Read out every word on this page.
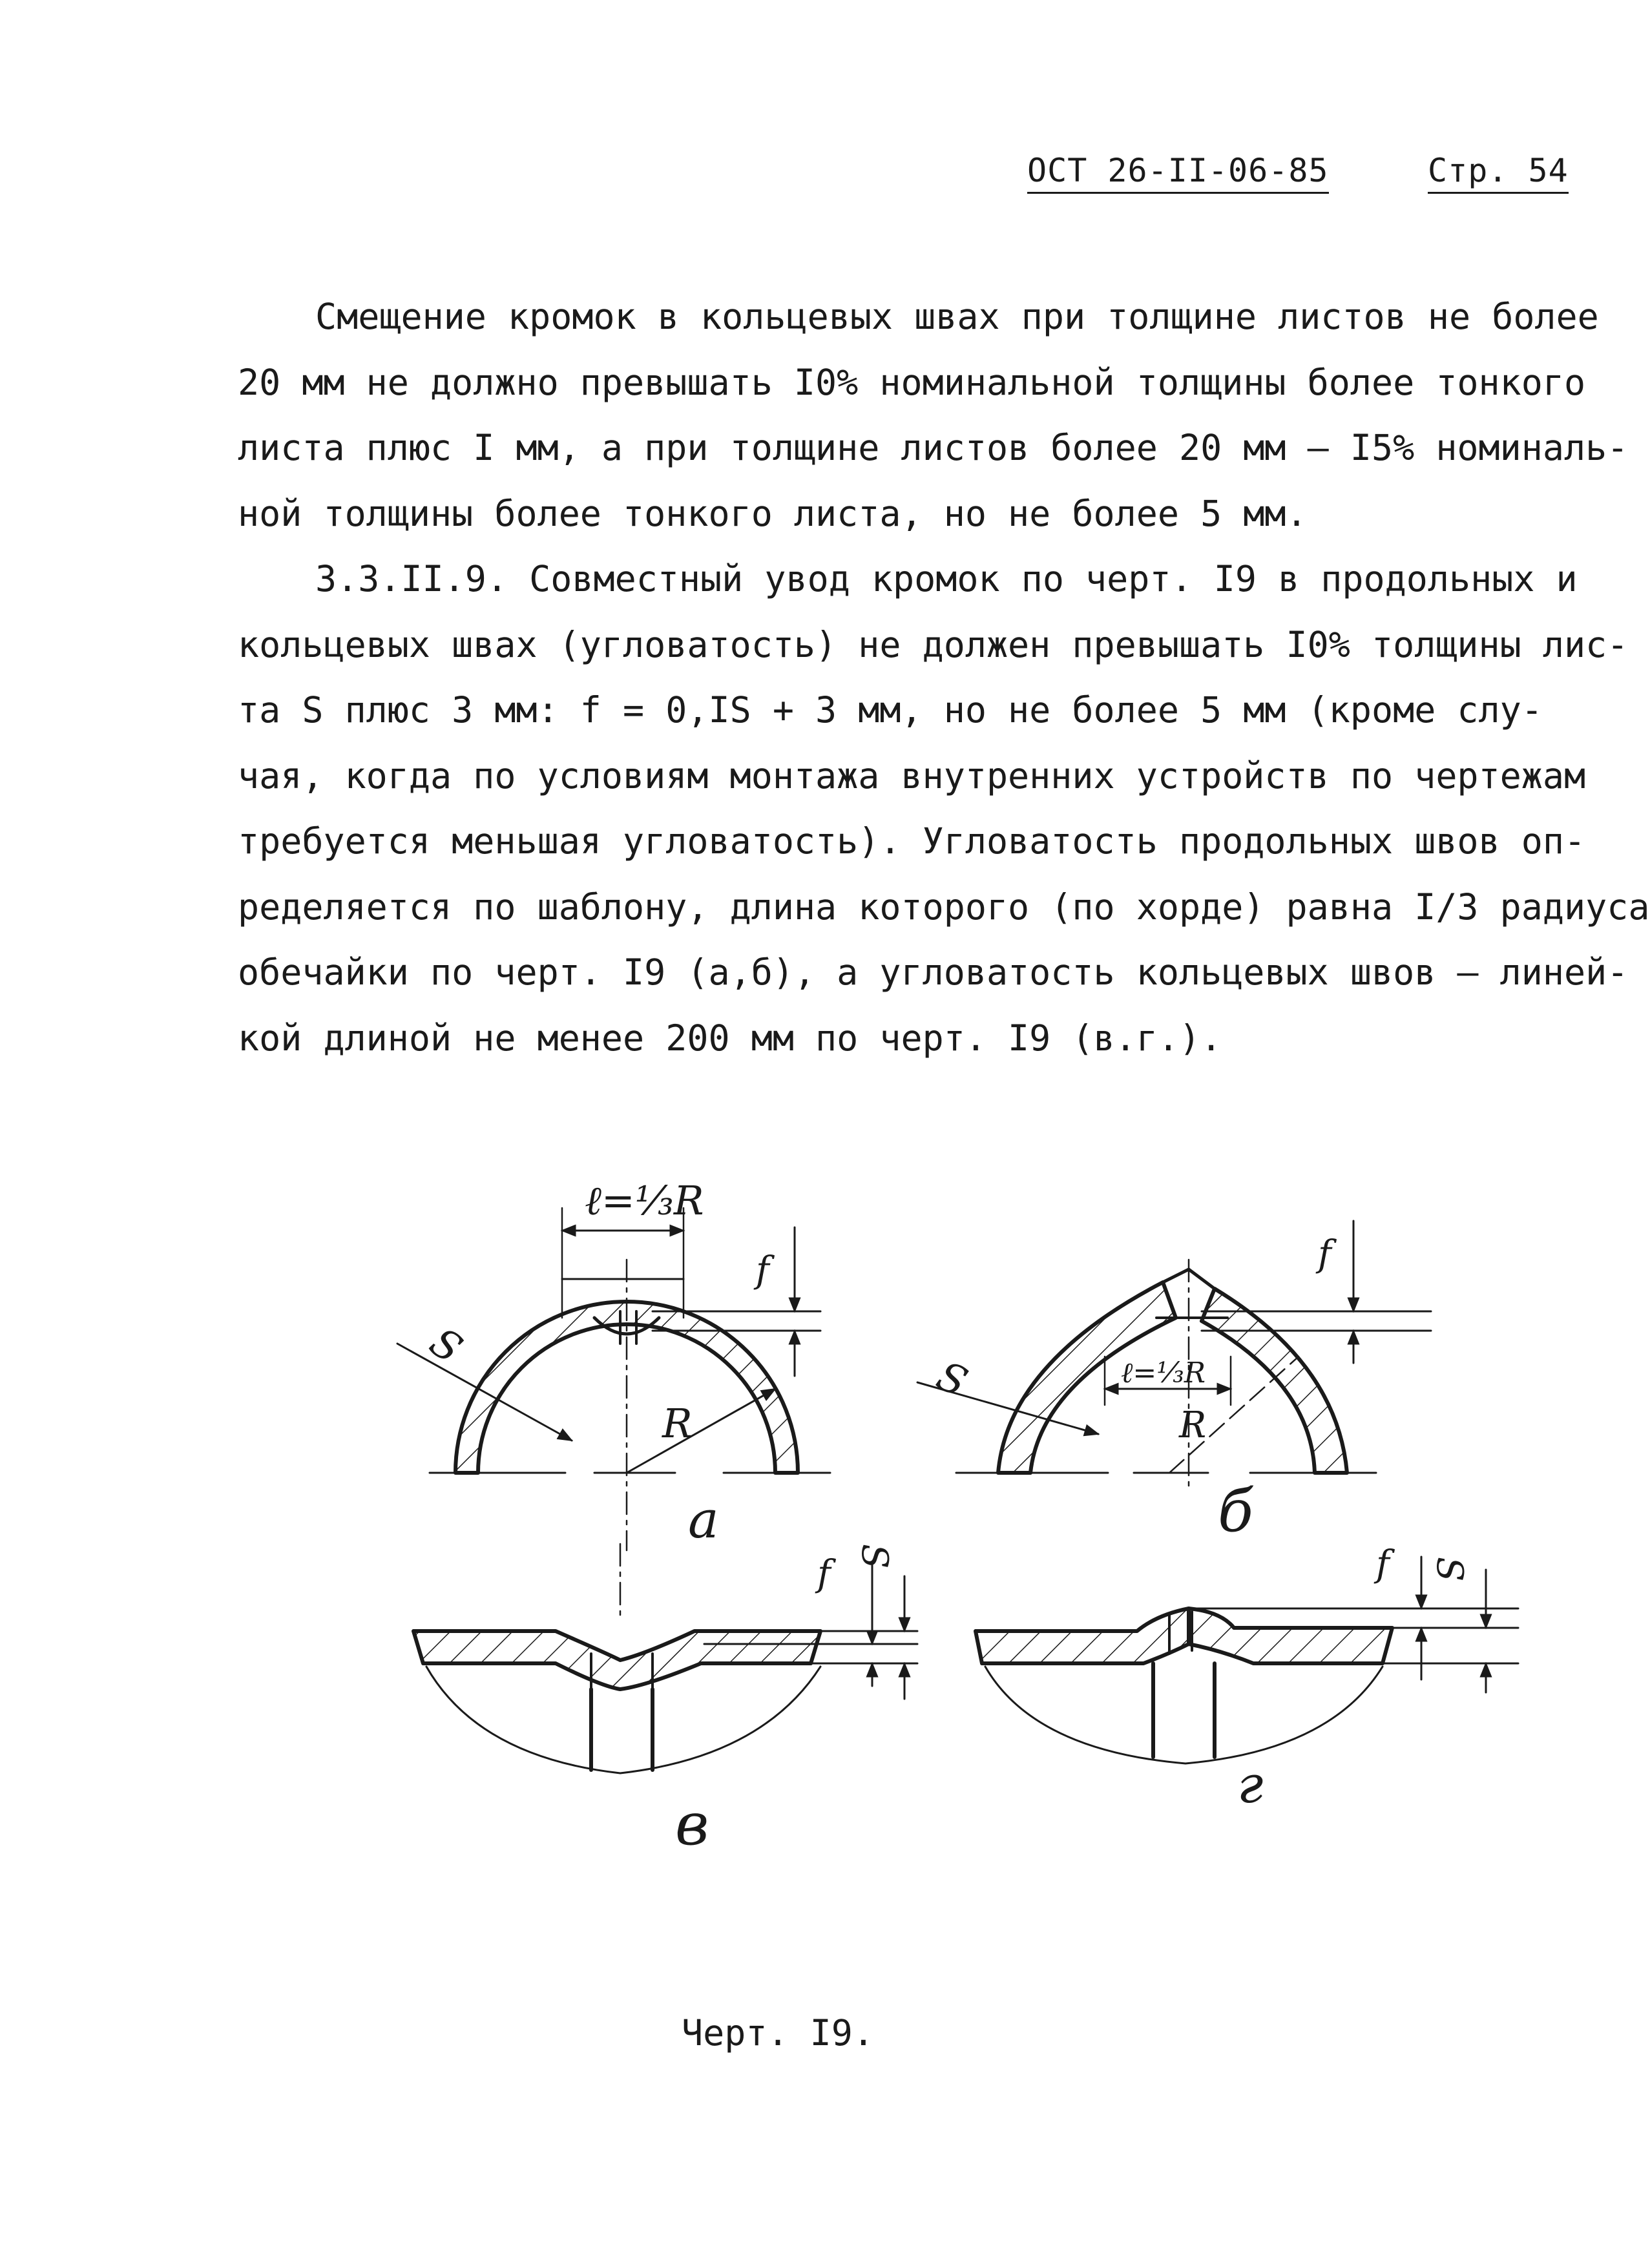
ОСТ 26-II-06-85	Стр. 54
Смещение кромок в кольцевых швах при толщине листов не более
20 мм не должно превышать I0% номинальной толщины более тонкого
листа плюс I мм, а при толщине листов более 20 мм – I5% номиналь-
ной толщины более тонкого листа, но не более 5 мм.
3.3.II.9. Совместный увод кромок по черт. I9 в продольных и
кольцевых швах (угловатость) не должен превышать I0% толщины лис-
та S плюс 3 мм: f = 0,IS + 3 мм, но не более 5 мм (кроме слу-
чая, когда по условиям монтажа внутренних устройств по чертежам
требуется меньшая угловатость). Угловатость продольных швов оп-
ределяется по шаблону, длина которого (по хорде) равна I/3 радиуса
обечайки по черт. I9 (а,б), а угловатость кольцевых швов – линей-
кой длиной не менее 200 мм по черт. I9 (в.г.).
ℓ=⅓R
f
S
R
а
ℓ=⅓R
f
S
R
б
f S
в
f S
г
Черт. I9.
